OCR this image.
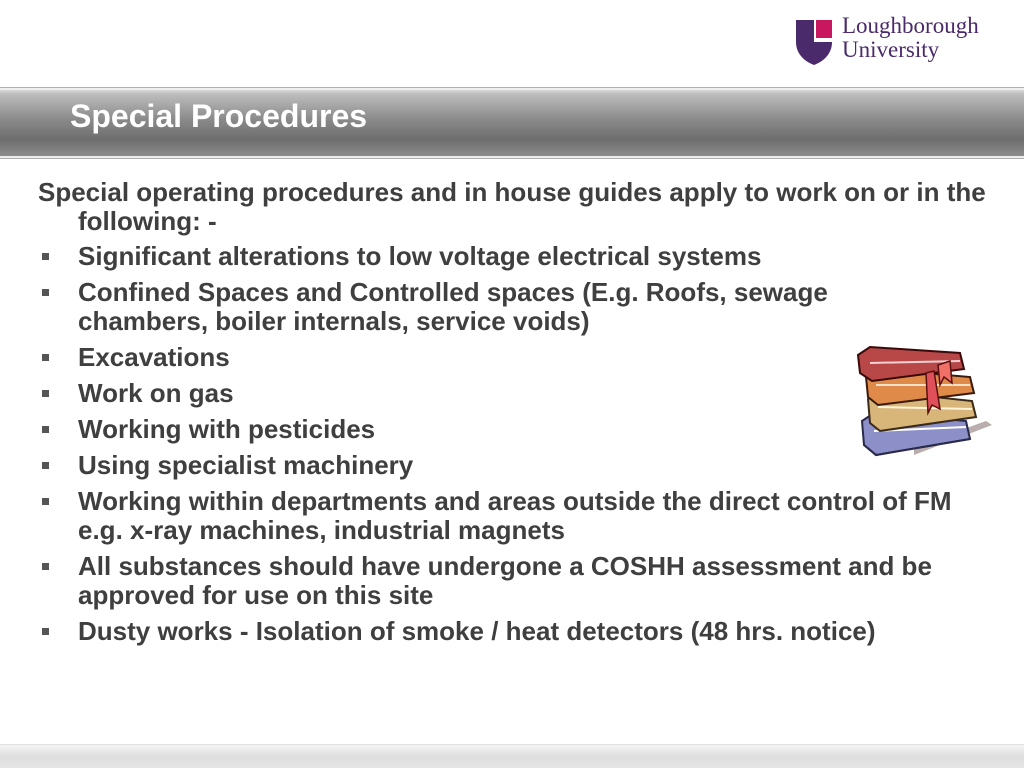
Loughborough
University
Special Procedures

Special operating procedures and in house guides apply to work on or in the following: -

Significant alterations to low voltage electrical systems
Confined Spaces and Controlled spaces (E.g. Roofs, sewage chambers, boiler internals, service voids)
Excavations
Work on gas
Working with pesticides
Using specialist machinery
Working within departments and areas outside the direct control of FM e.g. x-ray machines, industrial magnets
All substances should have undergone a COSHH assessment and be approved for use on this site
Dusty works - Isolation of smoke / heat detectors (48 hrs. notice)
